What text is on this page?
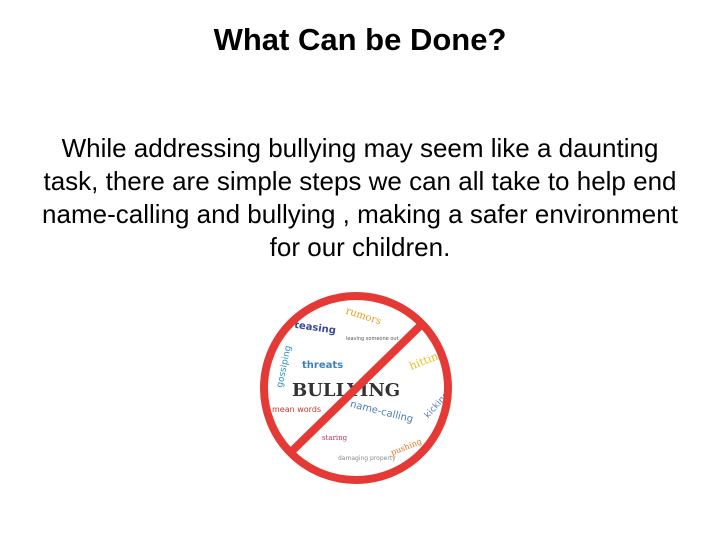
What Can be Done?
While addressing bullying may seem like a daunting task, there are simple steps we can all take to help end name-calling and bullying , making a safer environment for our children.
rumors
teasing
leaving someone out
gossiping threats	hitting
BULLYING	kicking
mean words	name-calling
staring	pushing
damaging property
